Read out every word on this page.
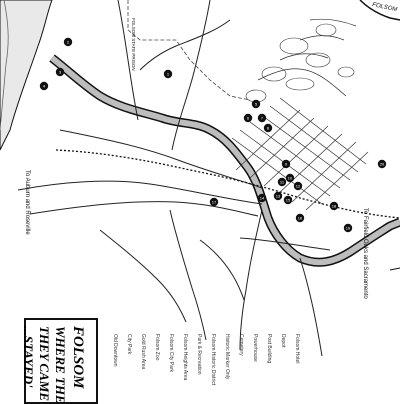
FOLSOM
FOLSOM STATE PRISON
To Auburn and Roseville
To Fairfield Oaks and Sacramento
2
3
4
1
5
6	7
8
9
10
11
12
13
14	15
16
17
18
19
20
FOLSOM
WHERE THE
THEY CAME
...STAYED'	Folsom Hotel
Depot
Post Building
Powerhouse
Cemetery
Historic Marker Only
Folsom Historic District
Park & Recreation
Folsom Heights Area
Folsom City Park
Folsom Zoo
Gold Rush Area
City Park
Old Downtown
